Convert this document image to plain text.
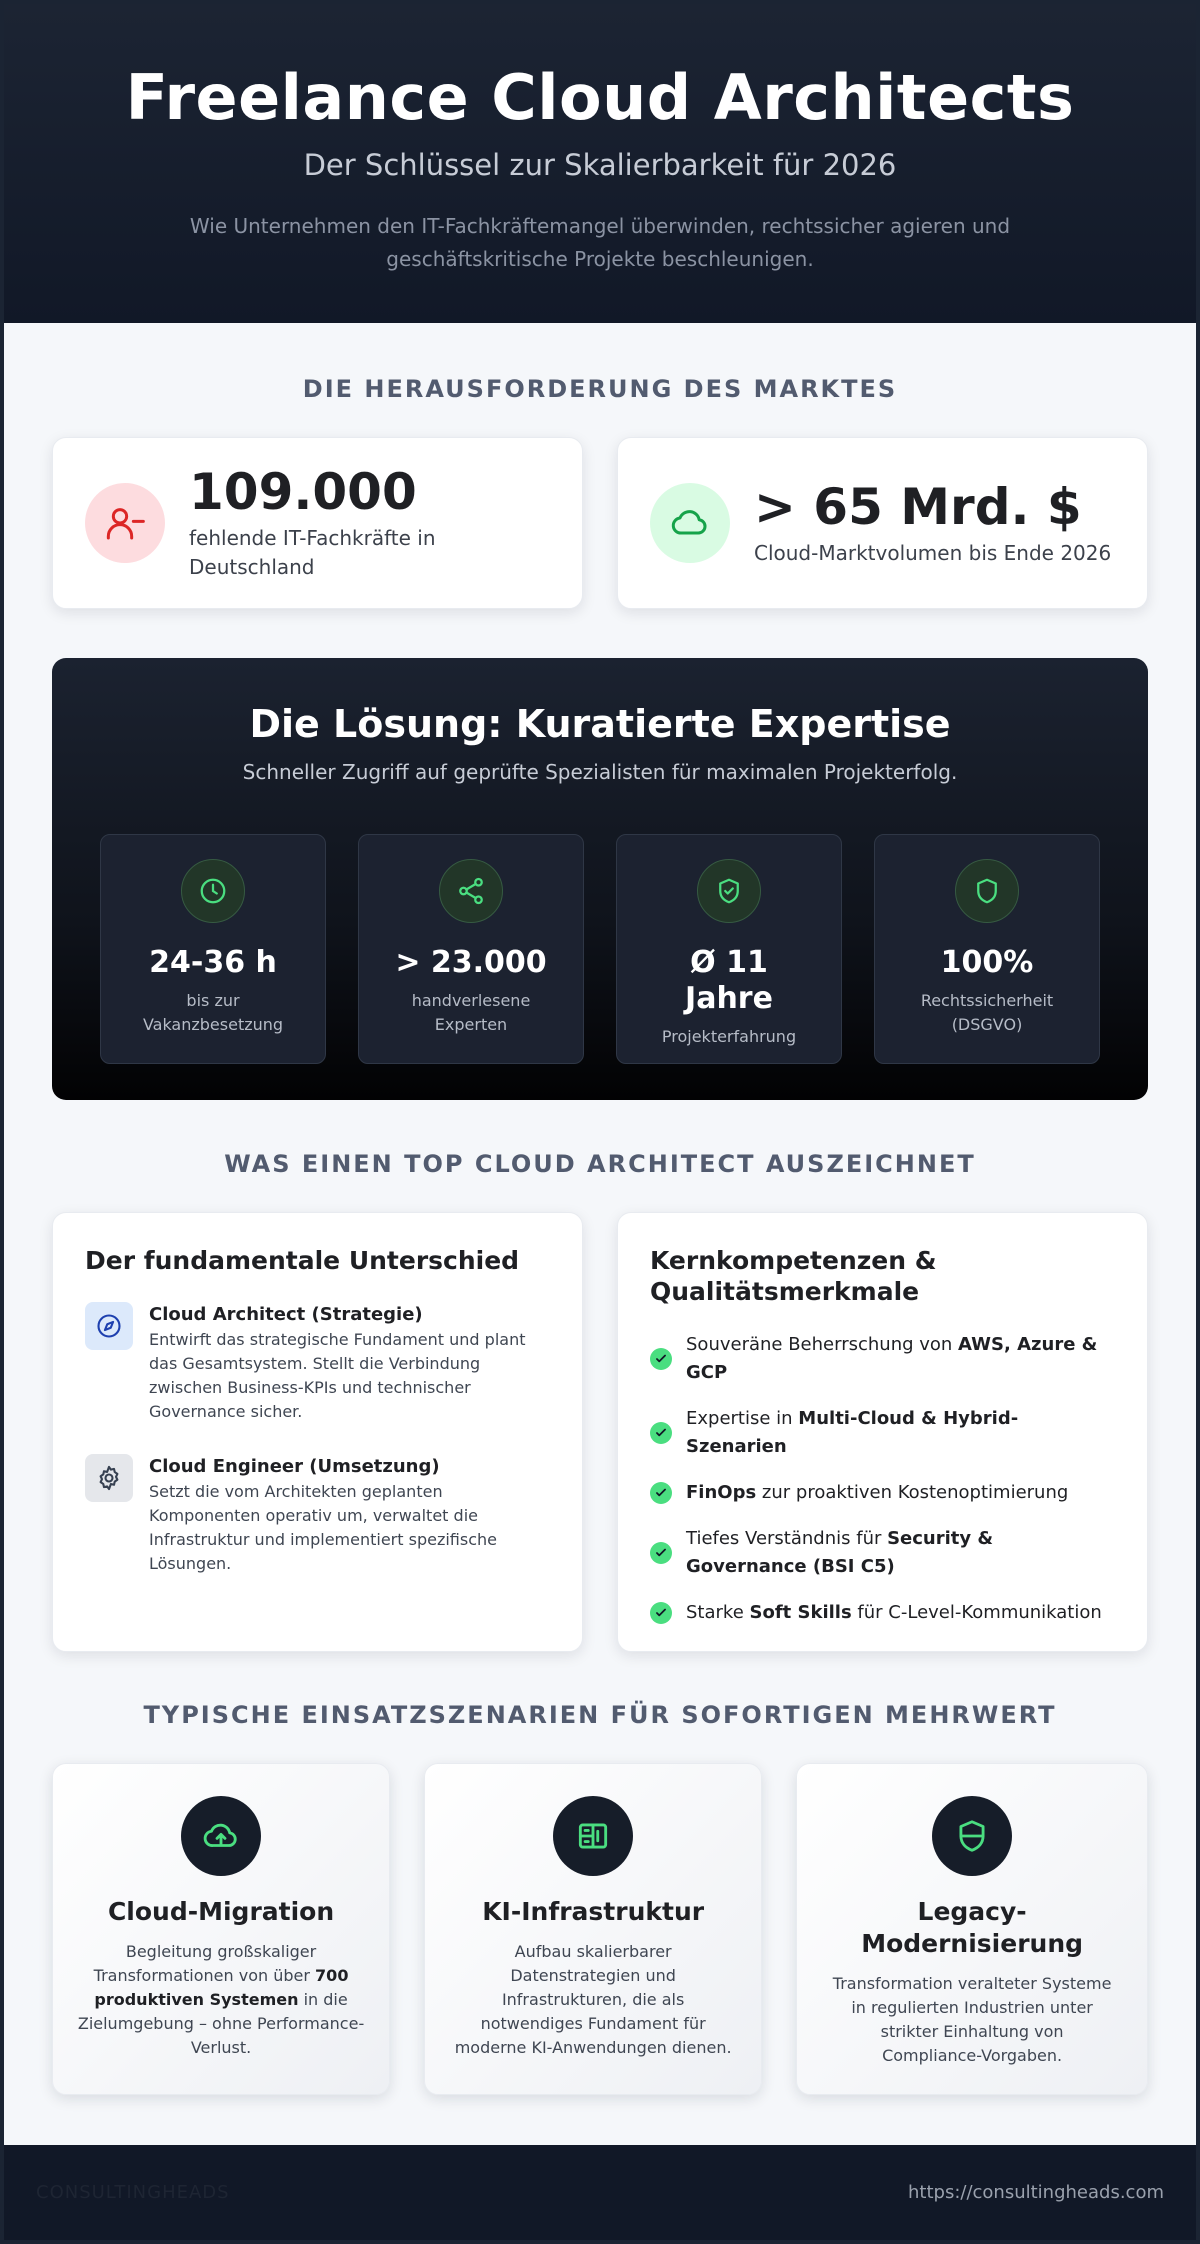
Freelance Cloud Architects
Der Schlüssel zur Skalierbarkeit für 2026

Wie Unternehmen den IT-Fachkräftemangel überwinden, rechtssicher agieren und geschäftskritische Projekte beschleunigen.

DIE HERAUSFORDERUNG DES MARKTES
109.000
fehlende IT-Fachkräfte in Deutschland
> 65 Mrd. $
Cloud-Marktvolumen bis Ende 2026
Die Lösung: Kuratierte Expertise

Schneller Zugriff auf geprüfte Spezialisten für maximalen Projekterfolg.

24-36 h
bis zur Vakanzbesetzung
> 23.000
handverlesene Experten
Ø 11 Jahre
Projekterfahrung
100%
Rechtssicherheit (DSGVO)
WAS EINEN TOP CLOUD ARCHITECT AUSZEICHNET
Der fundamentale Unterschied
Cloud Architect (Strategie)
Entwirft das strategische Fundament und plant das Gesamtsystem. Stellt die Verbindung zwischen Business-KPIs und technischer Governance sicher.
Cloud Engineer (Umsetzung)
Setzt die vom Architekten geplanten Komponenten operativ um, verwaltet die Infrastruktur und implementiert spezifische Lösungen.
Kernkompetenzen & Qualitätsmerkmale
Souveräne Beherrschung von AWS, Azure & GCP
Expertise in Multi-Cloud & Hybrid-Szenarien
FinOps zur proaktiven Kostenoptimierung
Tiefes Verständnis für Security & Governance (BSI C5)
Starke Soft Skills für C-Level-Kommunikation
TYPISCHE EINSATZSZENARIEN FÜR SOFORTIGEN MEHRWERT
Cloud-Migration

Begleitung großskaliger Transformationen von über 700 produktiven Systemen in die Zielumgebung – ohne Performance-Verlust.

KI-Infrastruktur

Aufbau skalierbarer Datenstrategien und Infrastrukturen, die als notwendiges Fundament für moderne KI-Anwendungen dienen.

Legacy-Modernisierung

Transformation veralteter Systeme in regulierten Industrien unter strikter Einhaltung von Compliance-Vorgaben.

CONSULTINGHEADS	https://consultingheads.com
